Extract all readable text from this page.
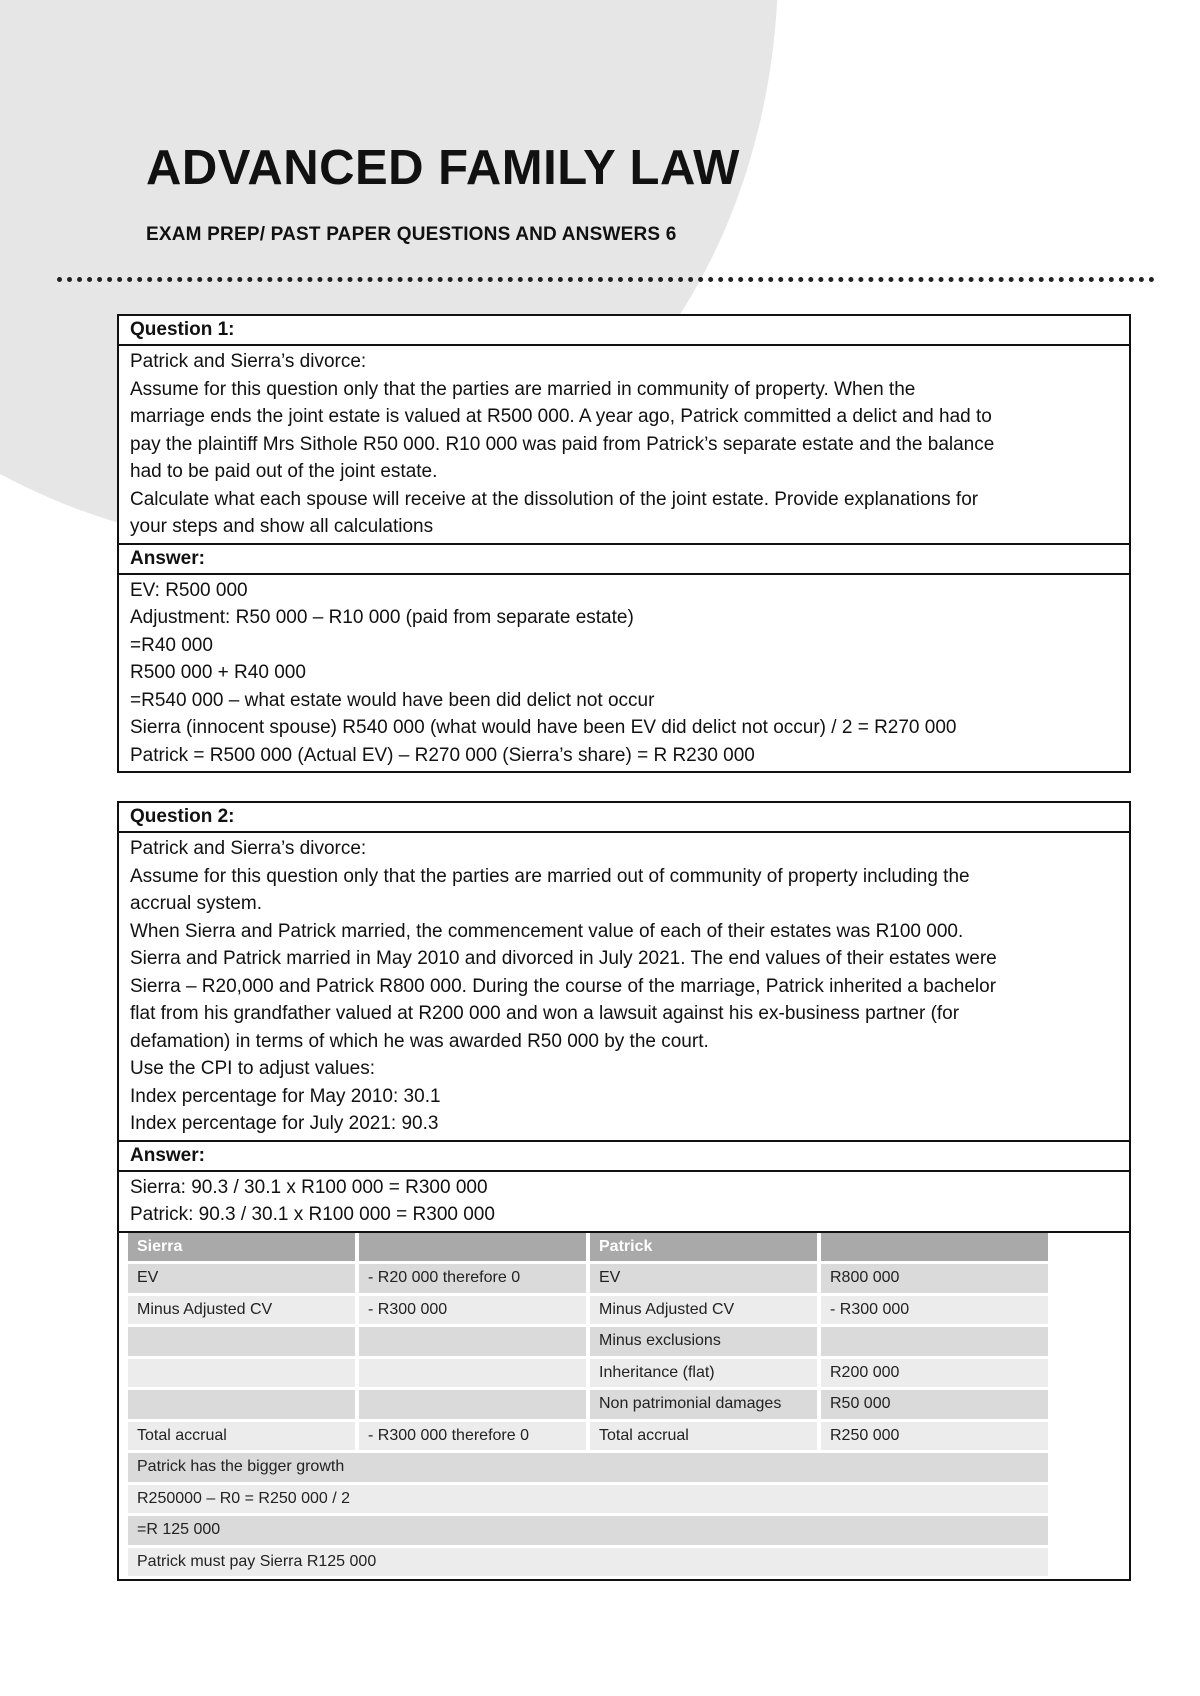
ADVANCED FAMILY LAW
EXAM PREP/ PAST PAPER QUESTIONS AND ANSWERS 6
Question 1:
Patrick and Sierra’s divorce:
Assume for this question only that the parties are married in community of property. When the
marriage ends the joint estate is valued at R500 000. A year ago, Patrick committed a delict and had to
pay the plaintiff Mrs Sithole R50 000. R10 000 was paid from Patrick’s separate estate and the balance
had to be paid out of the joint estate.
Calculate what each spouse will receive at the dissolution of the joint estate. Provide explanations for
your steps and show all calculations
Answer:
EV: R500 000
Adjustment: R50 000 – R10 000 (paid from separate estate)
=R40 000
R500 000 + R40 000
=R540 000 – what estate would have been did delict not occur
Sierra (innocent spouse) R540 000 (what would have been EV did delict not occur) / 2 = R270 000
Patrick = R500 000 (Actual EV) – R270 000 (Sierra’s share) = R R230 000
Question 2:
Patrick and Sierra’s divorce:
Assume for this question only that the parties are married out of community of property including the
accrual system.
When Sierra and Patrick married, the commencement value of each of their estates was R100 000.
Sierra and Patrick married in May 2010 and divorced in July 2021. The end values of their estates were
Sierra – R20,000 and Patrick R800 000. During the course of the marriage, Patrick inherited a bachelor
flat from his grandfather valued at R200 000 and won a lawsuit against his ex-business partner (for
defamation) in terms of which he was awarded R50 000 by the court.
Use the CPI to adjust values:
Index percentage for May 2010: 30.1
Index percentage for July 2021: 90.3
Answer:
Sierra: 90.3 / 30.1 x R100 000 = R300 000
Patrick: 90.3 / 30.1 x R100 000 = R300 000
Sierra		Patrick	
EV	- R20 000 therefore 0	EV	R800 000
Minus Adjusted CV	- R300 000	Minus Adjusted CV	- R300 000
		Minus exclusions	
		Inheritance (flat)	R200 000
		Non patrimonial damages	R50 000
Total accrual	- R300 000 therefore 0	Total accrual	R250 000
Patrick has the bigger growth			
R250000 – R0 = R250 000 / 2			
=R 125 000			
Patrick must pay Sierra R125 000			
